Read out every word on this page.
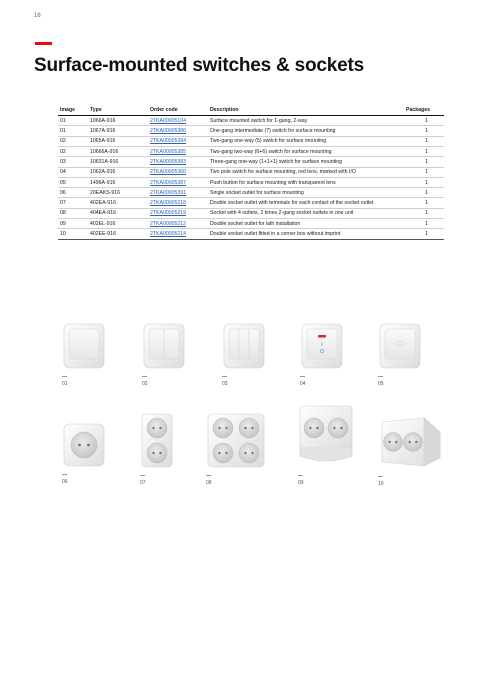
16
Surface-mounted switches & sockets
Image	Type	Order code	Description	Packages
01	1066A-916	2TKA00005104	Surface mounted switch for 1-gang, 2-way	1
01	1067A-916	2TKA00005386	One-gang intermediate (7) switch for surface mounting	1
02	1065A-916	2TKA00005384	Two-gang one-way (5) switch for surface mounting	1
02	10666A-916	2TKA00005385	Two-gang two-way (6+6) switch for surface mounting	1
03	10631A-916	2TKA00005383	Three-gang one-way (1+1+1) switch for surface mounting	1
04	1062A-916	2TKA00005360	Two pole switch for surface mounting, red lens, marked with I/O	1
05	1496A-916	2TKA00005387	Push button for surface mounting with transparent lens	1
06	20EAKS-916	2TKA00005391	Single socket outlet for surface mounting	1
07	402EA-916	2TKA00005218	Double socket outlet with terminals for each contact of the socket outlet	1
08	404EA-916	2TKA00005219	Socket with 4 outlets, 2 times 2-gang socket outlets in one unit	1
09	402EL-916	2TKA00005212	Double socket outlet for lath installation	1
10	402EE-916	2TKA00005214	Double socket outlet fitted in a corner box without imprint	1
01	02	03	04	05
06	07	08	09	10
